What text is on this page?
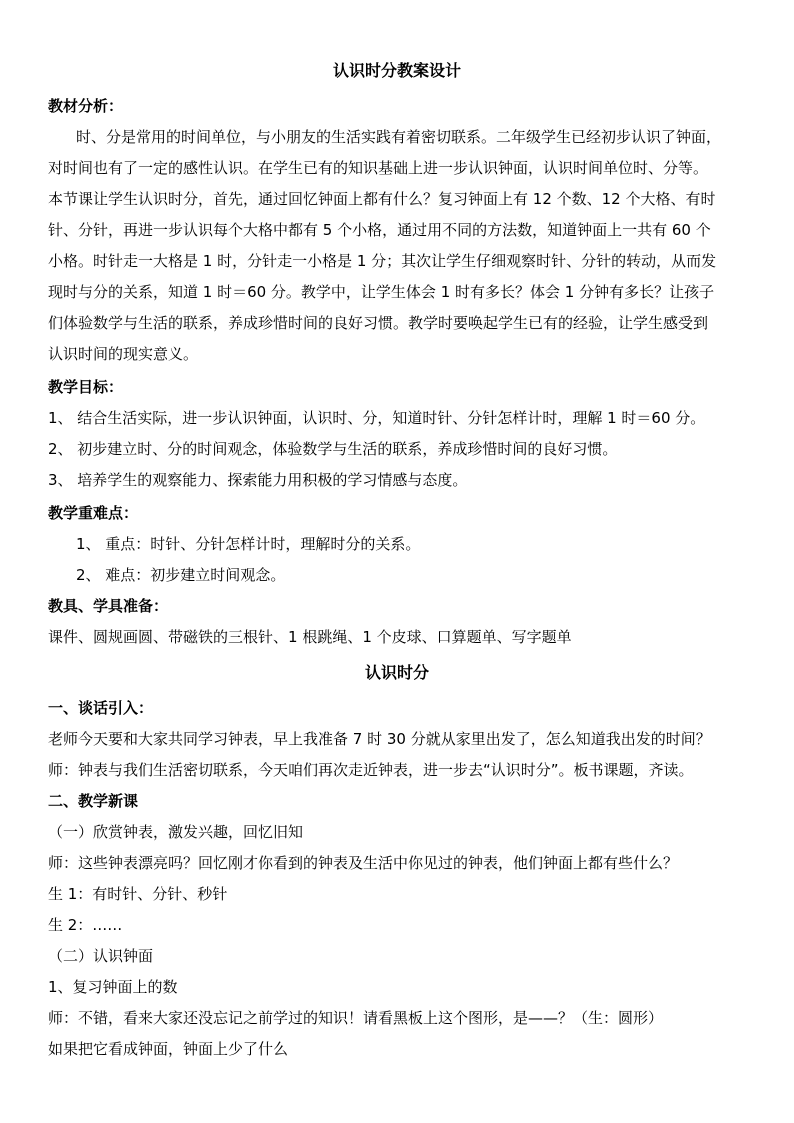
认识时分教案设计
教材分析：
时、分是常用的时间单位，与小朋友的生活实践有着密切联系。二年级学生已经初步认识了钟面，
对时间也有了一定的感性认识。在学生已有的知识基础上进一步认识钟面，认识时间单位时、分等。
本节课让学生认识时分，首先，通过回忆钟面上都有什么？复习钟面上有 12 个数、12 个大格、有时
针、分针，再进一步认识每个大格中都有 5 个小格，通过用不同的方法数，知道钟面上一共有 60 个
小格。时针走一大格是 1 时，分针走一小格是 1 分；其次让学生仔细观察时针、分针的转动，从而发
现时与分的关系，知道 1 时＝60 分。教学中，让学生体会 1 时有多长？体会 1 分钟有多长？让孩子
们体验数学与生活的联系，养成珍惜时间的良好习惯。教学时要唤起学生已有的经验，让学生感受到
认识时间的现实意义。
教学目标：
1、 结合生活实际，进一步认识钟面，认识时、分，知道时针、分针怎样计时，理解 1 时＝60 分。
2、 初步建立时、分的时间观念，体验数学与生活的联系，养成珍惜时间的良好习惯。
3、 培养学生的观察能力、探索能力用积极的学习情感与态度。
教学重难点：
1、 重点：时针、分针怎样计时，理解时分的关系。
2、 难点：初步建立时间观念。
教具、学具准备：
课件、圆规画圆、带磁铁的三根针、1 根跳绳、1 个皮球、口算题单、写字题单
认识时分
一、谈话引入：
老师今天要和大家共同学习钟表，早上我准备 7 时 30 分就从家里出发了，怎么知道我出发的时间？
师：钟表与我们生活密切联系，今天咱们再次走近钟表，进一步去“认识时分”。板书课题，齐读。
二、教学新课
（一）欣赏钟表，激发兴趣，回忆旧知
师：这些钟表漂亮吗？回忆刚才你看到的钟表及生活中你见过的钟表，他们钟面上都有些什么？
生 1：有时针、分针、秒针
生 2：……
（二）认识钟面
1、复习钟面上的数
师：不错，看来大家还没忘记之前学过的知识！请看黑板上这个图形，是——？（生：圆形）
如果把它看成钟面，钟面上少了什么
